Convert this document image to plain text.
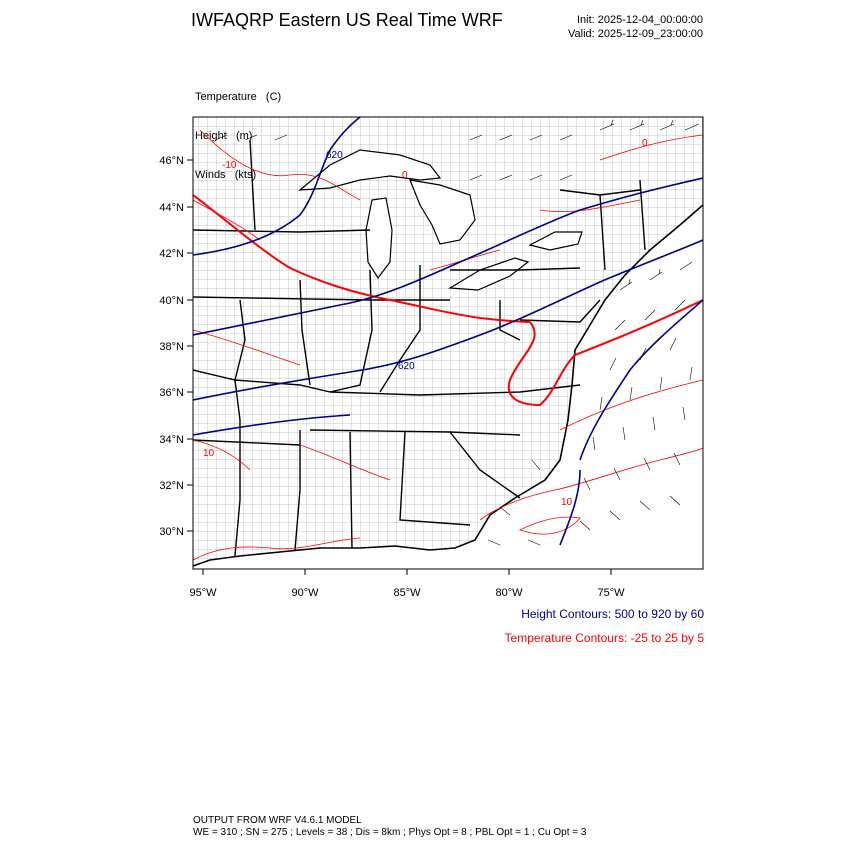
IWFAQRP Eastern US Real Time WRF	Init: 2025-12-04_00:00:00
Valid: 2025-12-09_23:00:00

Temperature   (C)

620
620
-10
0
10
0
10
46°N
44°N
42°N
40°N
38°N
36°N
34°N
32°N
30°N
95°W	90°W	85°W	80°W	75°W
Height Contours: 500 to 920 by 60
Temperature Contours: -25 to 25 by 5
OUTPUT FROM WRF V4.6.1 MODEL
WE = 310 ; SN = 275 ; Levels = 38 ; Dis = 8km ; Phys Opt = 8 ; PBL Opt = 1 ; Cu Opt = 3
